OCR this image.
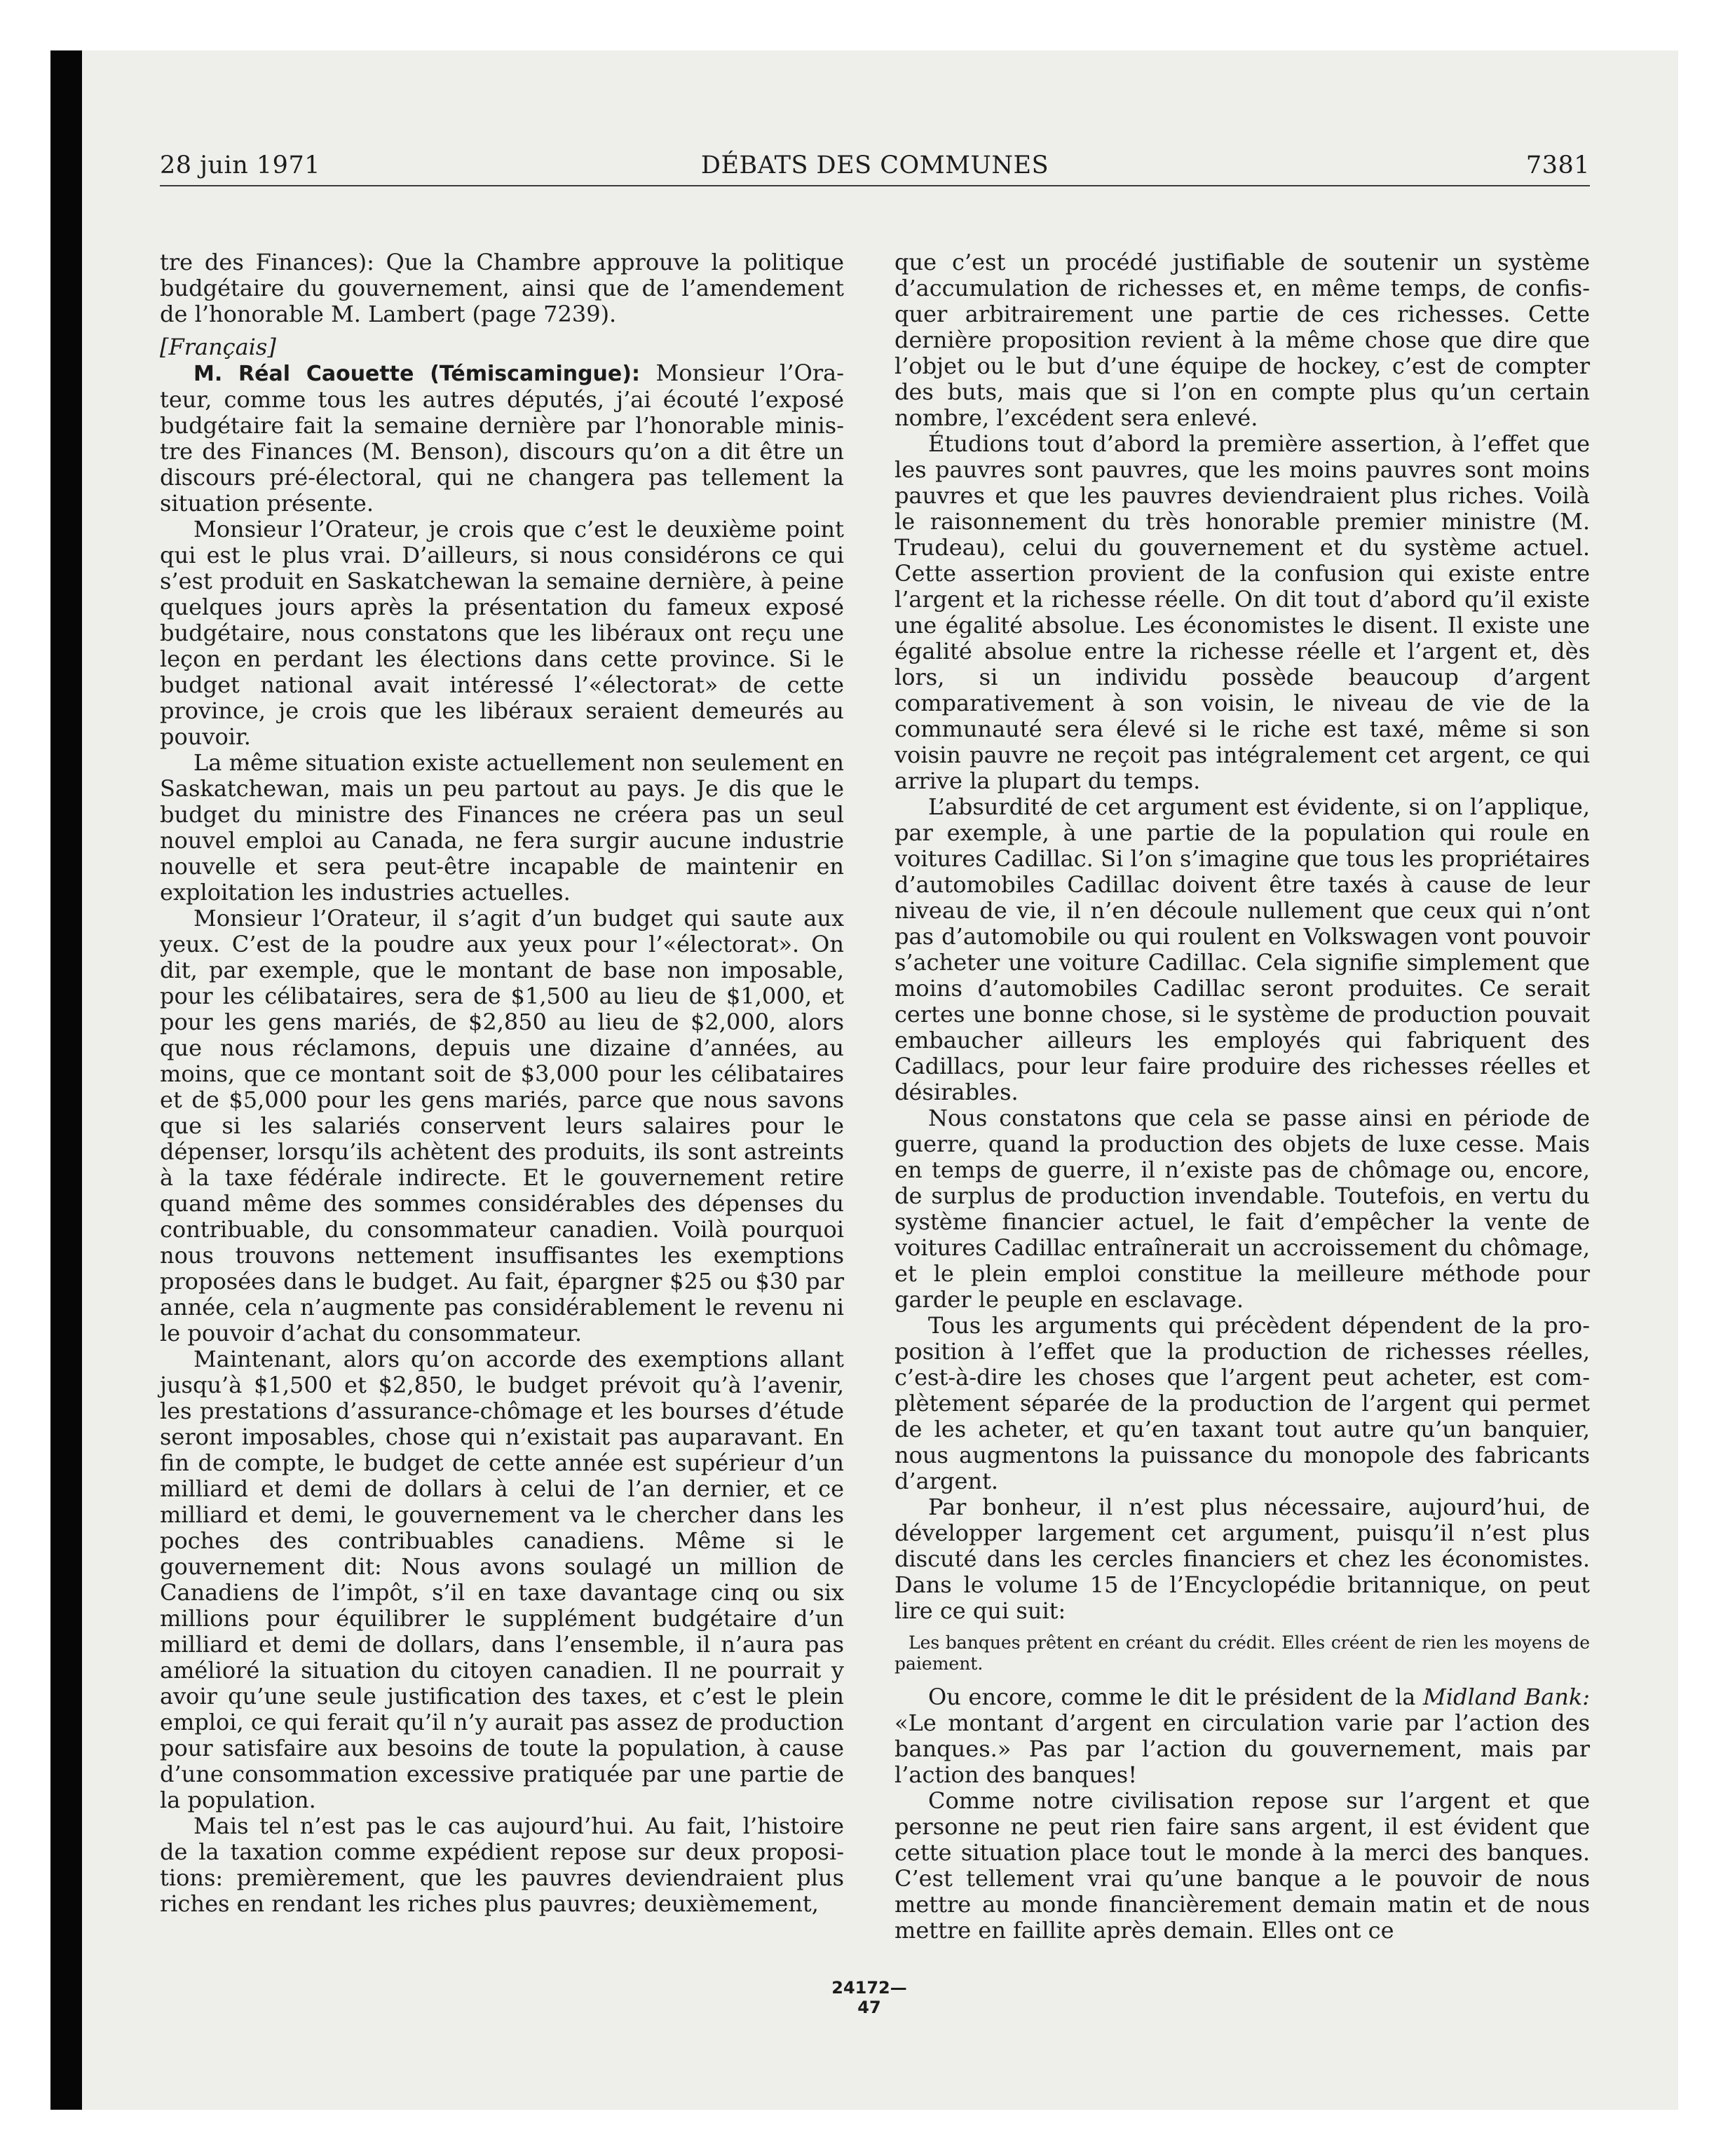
28 juin 1971	DÉBATS DES COMMUNES	7381

tre des Finances): Que la Chambre approuve la politique budgétaire du gouvernement, ainsi que de l’amendement de l’honorable M. Lambert (page 7239).

[Français]

M. Réal Caouette (Témiscamingue): Monsieur l’Orateur, comme tous les autres députés, j’ai écouté l’exposé budgétaire fait la semaine dernière par l’honorable ministre des Finances (M. Benson), discours qu’on a dit être un discours pré-électoral, qui ne changera pas tellement la situation présente.

Monsieur l’Orateur, je crois que c’est le deuxième point qui est le plus vrai. D’ailleurs, si nous considérons ce qui s’est produit en Saskatchewan la semaine dernière, à peine quelques jours après la présentation du fameux exposé budgétaire, nous constatons que les libéraux ont reçu une leçon en perdant les élections dans cette province. Si le budget national avait intéressé l’«électorat» de cette province, je crois que les libéraux seraient demeurés au pouvoir.

La même situation existe actuellement non seulement en Saskatchewan, mais un peu partout au pays. Je dis que le budget du ministre des Finances ne créera pas un seul nouvel emploi au Canada, ne fera surgir aucune industrie nouvelle et sera peut-être incapable de maintenir en exploitation les industries actuelles.

Monsieur l’Orateur, il s’agit d’un budget qui saute aux yeux. C’est de la poudre aux yeux pour l’«électorat». On dit, par exemple, que le montant de base non imposable, pour les célibataires, sera de $1,500 au lieu de $1,000, et pour les gens mariés, de $2,850 au lieu de $2,000, alors que nous réclamons, depuis une dizaine d’années, au moins, que ce montant soit de $3,000 pour les célibataires et de $5,000 pour les gens mariés, parce que nous savons que si les salariés conservent leurs salaires pour le dépenser, lorsqu’ils achètent des produits, ils sont astreints à la taxe fédérale indirecte. Et le gouvernement retire quand même des sommes considérables des dépenses du contribuable, du consommateur canadien. Voilà pourquoi nous trouvons nettement insuffisantes les exemptions proposées dans le budget. Au fait, épargner $25 ou $30 par année, cela n’augmente pas considérablement le revenu ni le pouvoir d’achat du consommateur.

Maintenant, alors qu’on accorde des exemptions allant jusqu’à $1,500 et $2,850, le budget prévoit qu’à l’avenir, les prestations d’assurance-chômage et les bourses d’étude seront imposables, chose qui n’existait pas auparavant. En fin de compte, le budget de cette année est supérieur d’un milliard et demi de dollars à celui de l’an dernier, et ce milliard et demi, le gouvernement va le chercher dans les poches des contribuables canadiens. Même si le gouvernement dit: Nous avons soulagé un million de Canadiens de l’impôt, s’il en taxe davantage cinq ou six millions pour équilibrer le supplément budgétaire d’un milliard et demi de dollars, dans l’ensemble, il n’aura pas amélioré la situation du citoyen canadien. Il ne pourrait y avoir qu’une seule justification des taxes, et c’est le plein emploi, ce qui ferait qu’il n’y aurait pas assez de production pour satisfaire aux besoins de toute la population, à cause d’une consommation excessive pratiquée par une partie de la population.

Mais tel n’est pas le cas aujourd’hui. Au fait, l’histoire de la taxation comme expédient repose sur deux propositions: premièrement, que les pauvres deviendraient plus riches en rendant les riches plus pauvres; deuxièmement,

que c’est un procédé justifiable de soutenir un système d’accumulation de richesses et, en même temps, de confisquer arbitrairement une partie de ces richesses. Cette dernière proposition revient à la même chose que dire que l’objet ou le but d’une équipe de hockey, c’est de compter des buts, mais que si l’on en compte plus qu’un certain nombre, l’excédent sera enlevé.

Étudions tout d’abord la première assertion, à l’effet que les pauvres sont pauvres, que les moins pauvres sont moins pauvres et que les pauvres deviendraient plus riches. Voilà le raisonnement du très honorable premier ministre (M. Trudeau), celui du gouvernement et du système actuel. Cette assertion provient de la confusion qui existe entre l’argent et la richesse réelle. On dit tout d’abord qu’il existe une égalité absolue. Les économistes le disent. Il existe une égalité absolue entre la richesse réelle et l’argent et, dès lors, si un individu possède beaucoup d’argent comparativement à son voisin, le niveau de vie de la communauté sera élevé si le riche est taxé, même si son voisin pauvre ne reçoit pas intégralement cet argent, ce qui arrive la plupart du temps.

L’absurdité de cet argument est évidente, si on l’applique, par exemple, à une partie de la population qui roule en voitures Cadillac. Si l’on s’imagine que tous les propriétaires d’automobiles Cadillac doivent être taxés à cause de leur niveau de vie, il n’en découle nullement que ceux qui n’ont pas d’automobile ou qui roulent en Volkswagen vont pouvoir s’acheter une voiture Cadillac. Cela signifie simplement que moins d’automobiles Cadillac seront produites. Ce serait certes une bonne chose, si le système de production pouvait embaucher ailleurs les employés qui fabriquent des Cadillacs, pour leur faire produire des richesses réelles et désirables.

Nous constatons que cela se passe ainsi en période de guerre, quand la production des objets de luxe cesse. Mais en temps de guerre, il n’existe pas de chômage ou, encore, de surplus de production invendable. Toutefois, en vertu du système financier actuel, le fait d’empêcher la vente de voitures Cadillac entraînerait un accroissement du chômage, et le plein emploi constitue la meilleure méthode pour garder le peuple en esclavage.

Tous les arguments qui précèdent dépendent de la proposition à l’effet que la production de richesses réelles, c’est-à-dire les choses que l’argent peut acheter, est complètement séparée de la production de l’argent qui permet de les acheter, et qu’en taxant tout autre qu’un banquier, nous augmentons la puissance du monopole des fabricants d’argent.

Par bonheur, il n’est plus nécessaire, aujourd’hui, de développer largement cet argument, puisqu’il n’est plus discuté dans les cercles financiers et chez les économistes. Dans le volume 15 de l’Encyclopédie britannique, on peut lire ce qui suit:

Les banques prêtent en créant du crédit. Elles créent de rien les moyens de paiement.

Ou encore, comme le dit le président de la Midland Bank: «Le montant d’argent en circulation varie par l’action des banques.» Pas par l’action du gouvernement, mais par l’action des banques!

Comme notre civilisation repose sur l’argent et que personne ne peut rien faire sans argent, il est évident que cette situation place tout le monde à la merci des banques. C’est tellement vrai qu’une banque a le pouvoir de nous mettre au monde financièrement demain matin et de nous mettre en faillite après demain. Elles ont ce

24172—47
